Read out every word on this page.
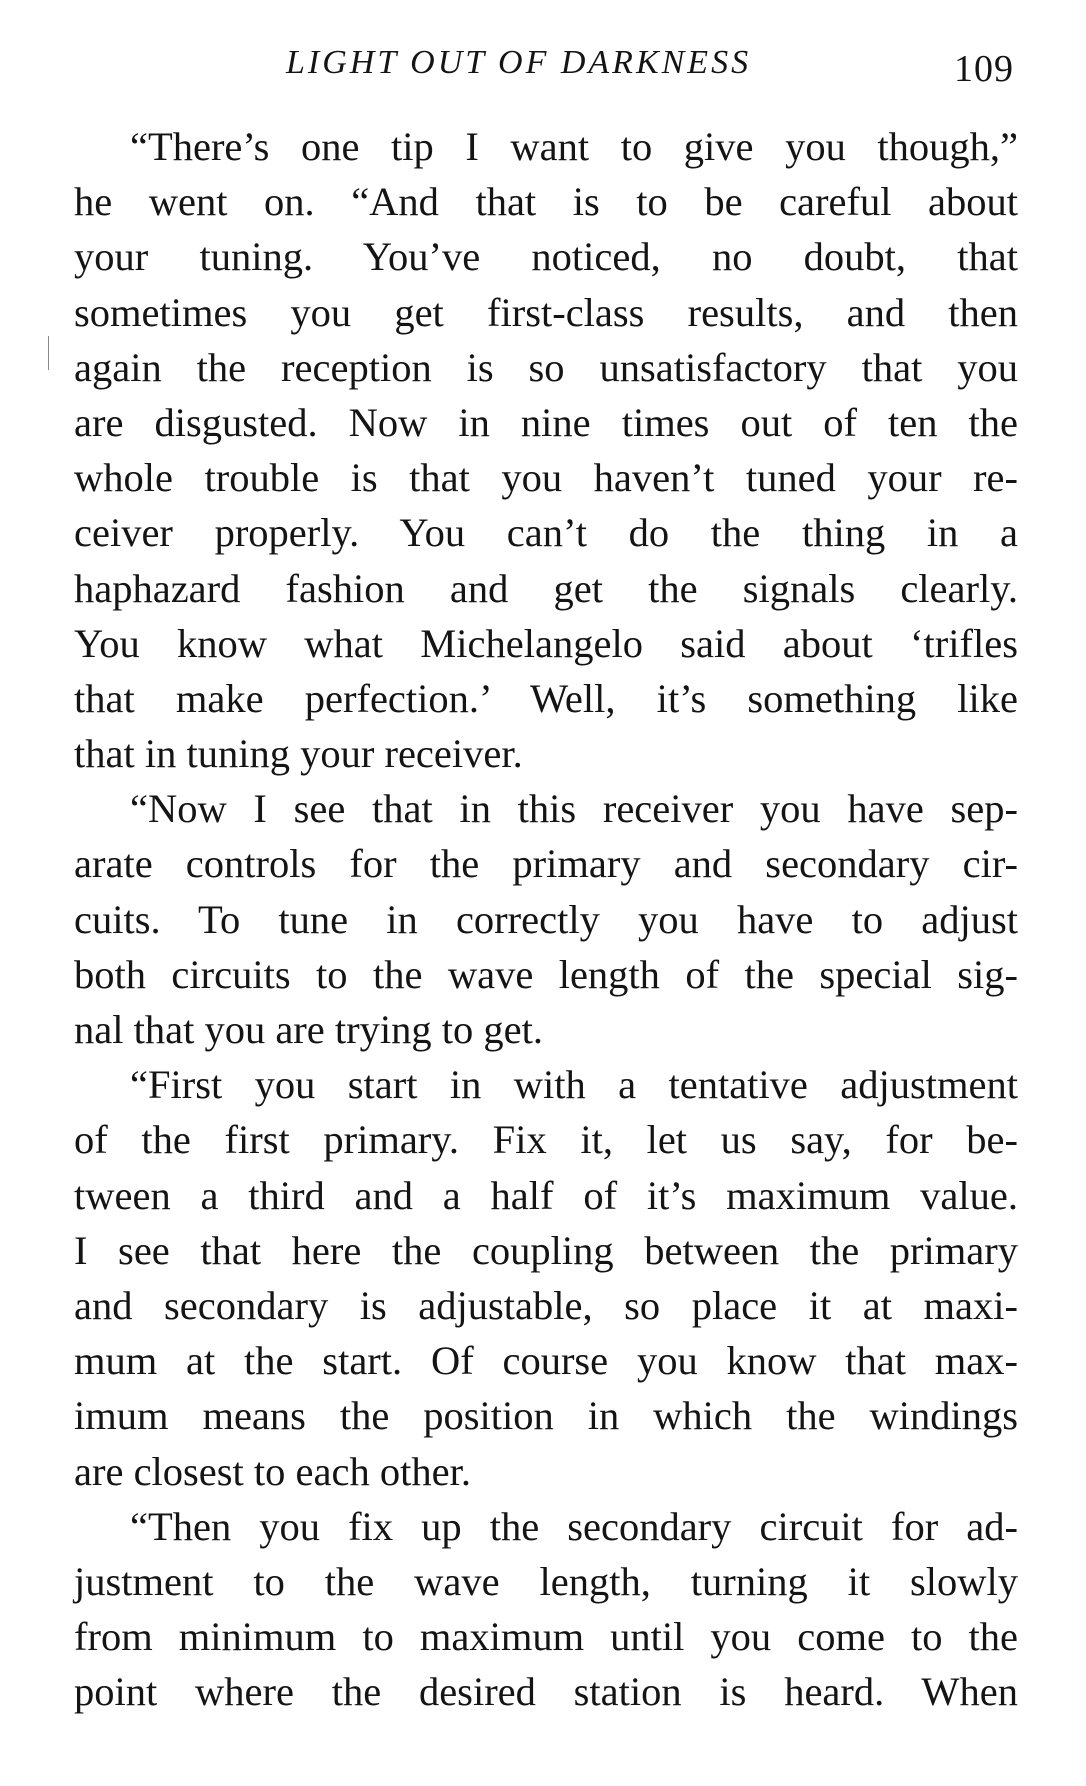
LIGHT OUT OF DARKNESS	109

“There’s one tip I want to give you though,”
he went on. “And that is to be careful about
your tuning. You’ve noticed, no doubt, that
sometimes you get first-class results, and then
again the reception is so unsatisfactory that you
are disgusted. Now in nine times out of ten the
whole trouble is that you haven’t tuned your re-
ceiver properly. You can’t do the thing in a
haphazard fashion and get the signals clearly.
You know what Michelangelo said about ‘trifles
that make perfection.’ Well, it’s something like
that in tuning your receiver.

“Now I see that in this receiver you have sep-
arate controls for the primary and secondary cir-
cuits. To tune in correctly you have to adjust
both circuits to the wave length of the special sig-
nal that you are trying to get.

“First you start in with a tentative adjustment
of the first primary. Fix it, let us say, for be-
tween a third and a half of it’s maximum value.
I see that here the coupling between the primary
and secondary is adjustable, so place it at maxi-
mum at the start. Of course you know that max-
imum means the position in which the windings
are closest to each other.

“Then you fix up the secondary circuit for ad-
justment to the wave length, turning it slowly
from minimum to maximum until you come to the
point where the desired station is heard. When
